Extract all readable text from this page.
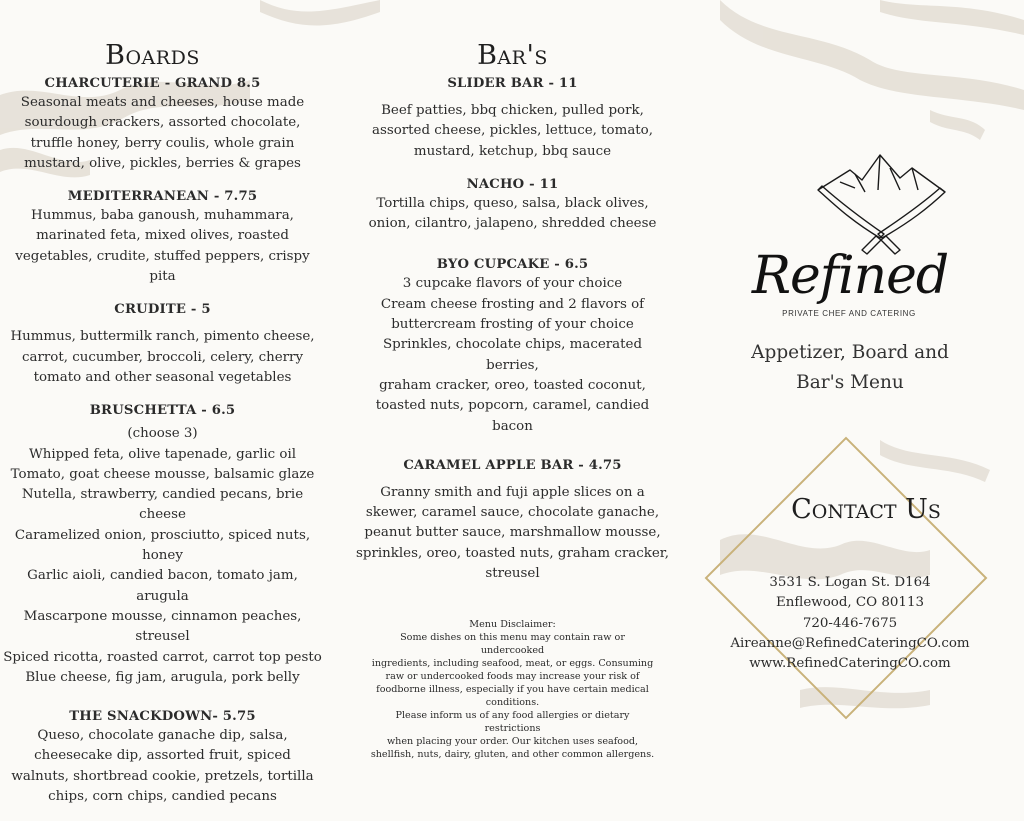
Boards
CHARCUTERIE - GRAND 8.5
Seasonal meats and cheeses, house made
sourdough crackers, assorted chocolate,
truffle honey, berry coulis, whole grain
mustard, olive, pickles, berries & grapes
MEDITERRANEAN - 7.75
Hummus, baba ganoush, muhammara,
marinated feta, mixed olives, roasted
vegetables, crudite, stuffed peppers, crispy
pita
CRUDITE - 5
Hummus, buttermilk ranch, pimento cheese,
carrot, cucumber, broccoli, celery, cherry
tomato and other seasonal vegetables
BRUSCHETTA - 6.5
(choose 3)
Whipped feta, olive tapenade, garlic oil
Tomato, goat cheese mousse, balsamic glaze
Nutella, strawberry, candied pecans, brie cheese
Caramelized onion, prosciutto, spiced nuts, honey
Garlic aioli, candied bacon, tomato jam, arugula
Mascarpone mousse, cinnamon peaches, streusel
Spiced ricotta, roasted carrot, carrot top pesto
Blue cheese, fig jam, arugula, pork belly
THE SNACKDOWN- 5.75
Queso, chocolate ganache dip, salsa,
cheesecake dip, assorted fruit, spiced
walnuts, shortbread cookie, pretzels, tortilla
chips, corn chips, candied pecans
Bar's
SLIDER BAR - 11
Beef patties, bbq chicken, pulled pork,
assorted cheese, pickles, lettuce, tomato,
mustard, ketchup, bbq sauce
NACHO - 11
Tortilla chips, queso, salsa, black olives,
onion, cilantro, jalapeno, shredded cheese
BYO CUPCAKE - 6.5
3 cupcake flavors of your choice
Cream cheese frosting and 2 flavors of
buttercream frosting of your choice
Sprinkles, chocolate chips, macerated berries,
graham cracker, oreo, toasted coconut,
toasted nuts, popcorn, caramel, candied
bacon
CARAMEL APPLE BAR - 4.75
Granny smith and fuji apple slices on a
skewer, caramel sauce, chocolate ganache,
peanut butter sauce, marshmallow mousse,
sprinkles, oreo, toasted nuts, graham cracker,
streusel
Menu Disclaimer:
Some dishes on this menu may contain raw or undercooked
ingredients, including seafood, meat, or eggs. Consuming
raw or undercooked foods may increase your risk of
foodborne illness, especially if you have certain medical
conditions.
Please inform us of any food allergies or dietary restrictions
when placing your order. Our kitchen uses seafood,
shellfish, nuts, dairy, gluten, and other common allergens.
Refined
PRIVATE CHEF AND CATERING
Appetizer, Board and
Bar's Menu
Contact Us
3531 S. Logan St. D164
Enflewood, CO 80113
720-446-7675
Aireanne@RefinedCateringCO.com
www.RefinedCateringCO.com
